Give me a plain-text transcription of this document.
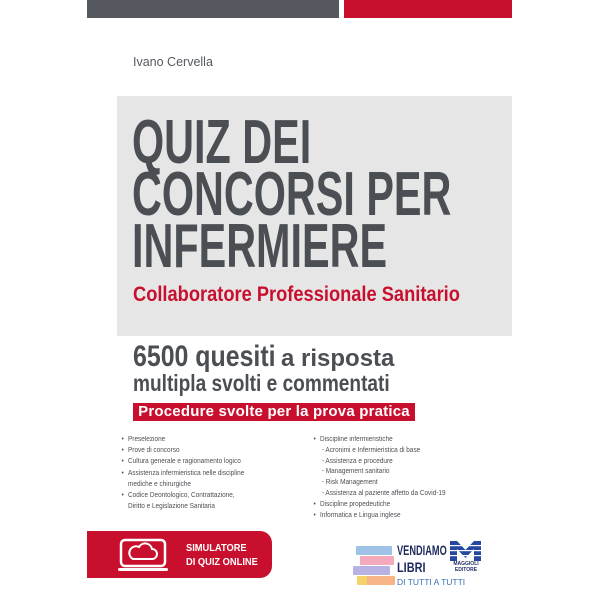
Ivano Cervella
QUIZ DEI
CONCORSI PER
INFERMIERE
Collaboratore Professionale Sanitario
6500 quesiti a risposta
multipla svolti e commentati
Procedure svolte per la prova pratica
• Preselezione
• Prove di concorso
• Cultura generale e ragionamento logico
• Assistenza infermieristica nelle discipline
mediche e chirurgiche
• Codice Deontologico, Contrattazione,
Diritto e Legislazione Sanitaria
• Discipline infermieristiche
- Acronimi e Infermieristica di base
- Assistenza e procedure
- Management sanitario
- Risk Management
- Assistenza al paziente affetto da Covid-19
• Discipline propedeutiche
• Informatica e Lingua inglese
SIMULATORE
DI QUIZ ONLINE
VENDIAMO
LIBRI
DI TUTTI A TUTTI
MAGGIOLI
EDITORE
